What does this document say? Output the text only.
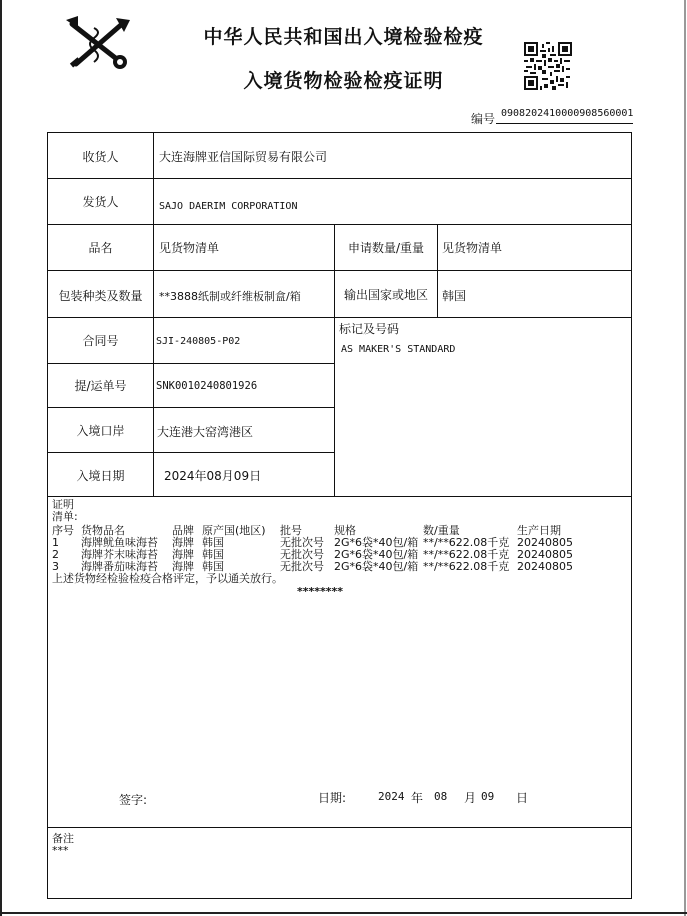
中华人民共和国出入境检验检疫
入境货物检验检疫证明
编号 0908202410000908560001
收货人	大连海牌亚信国际贸易有限公司
发货人	SAJO DAERIM CORPORATION
品名	见货物清单	申请数量/重量	见货物清单
包装种类及数量	**3888纸制或纤维板制盒/箱	输出国家或地区	韩国
合同号	SJI-240805-P02
标记及号码
AS MAKER'S STANDARD
提/运单号	SNK0010240801926
入境口岸	大连港大窑湾港区
入境日期	2024年08月09日
证明
清单:
序号 货物品名	品牌 原产国(地区) 批号	规格	数/重量	生产日期
1 海牌鱿鱼味海苔 海牌 韩国	无批次号 2G*6袋*40包/箱 **/**622.08千克 20240805
2 海牌芥末味海苔 海牌 韩国	无批次号 2G*6袋*40包/箱 **/**622.08千克 20240805
3 海牌番茄味海苔 海牌 韩国	无批次号 2G*6袋*40包/箱 **/**622.08千克 20240805
上述货物经检验检疫合格评定，予以通关放行。
********
签字:	日期:	2024 年 08 月 09 日
备注
***
